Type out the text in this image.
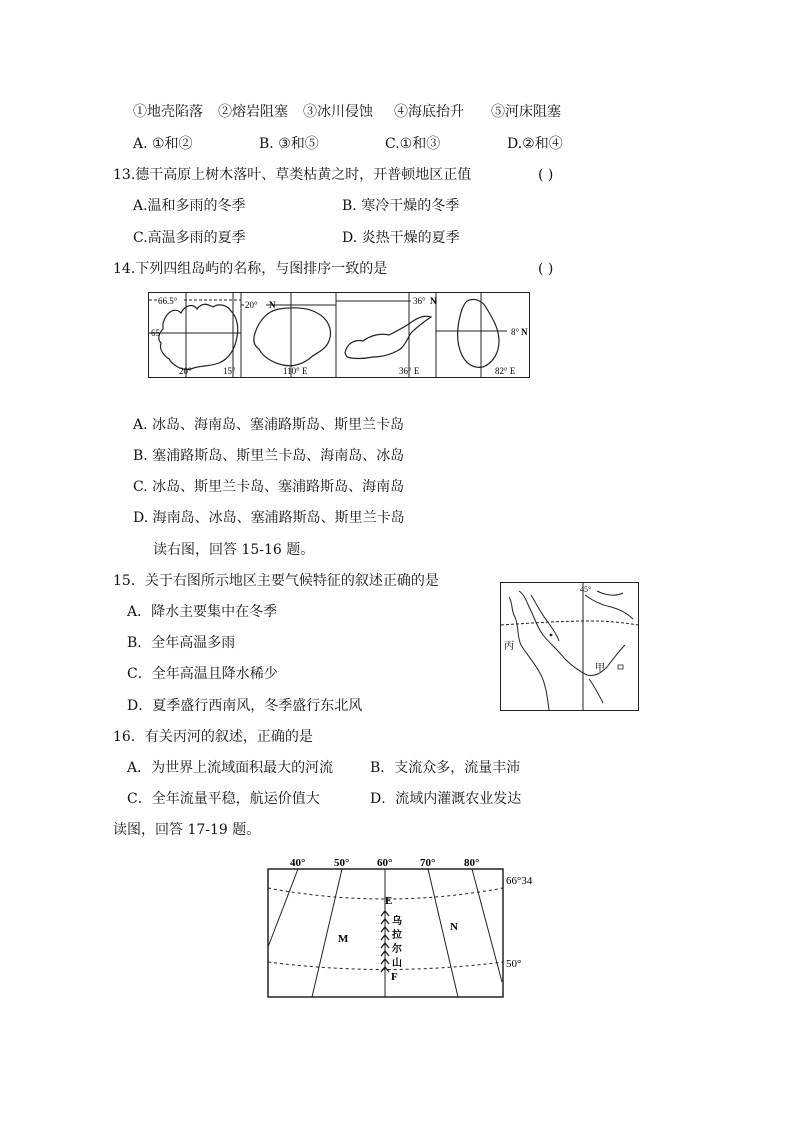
①地壳陷落 ②熔岩阻塞 ③冰川侵蚀 ④海底抬升 ⑤河床阻塞
A. ①和②	B. ③和⑤	C.①和③	D.②和④
13.德干高原上树木落叶、草类枯黄之时，开普顿地区正值	( )
A.温和多雨的冬季	B. 寒冷干燥的冬季
C.高温多雨的夏季	D. 炎热干燥的夏季
14.下列四组岛屿的名称，与图排序一致的是	( )
66.5°
65
20°	15°
20° N
110° E
36° N
36° E
8° N
82° E
A. 冰岛、海南岛、塞浦路斯岛、斯里兰卡岛
B. 塞浦路斯岛、斯里兰卡岛、海南岛、冰岛
C. 冰岛、斯里兰卡岛、塞浦路斯岛、海南岛
D. 海南岛、冰岛、塞浦路斯岛、斯里兰卡岛
读右图，回答 15-16 题。
15．关于右图所示地区主要气候特征的叙述正确的是
A．降水主要集中在冬季
B．全年高温多雨
C．全年高温且降水稀少
D．夏季盛行西南风，冬季盛行东北风
45°
丙
甲
16．有关丙河的叙述，正确的是
A．为世界上流域面积最大的河流	B．支流众多，流量丰沛
C．全年流量平稳，航运价值大	D．流域内灌溉农业发达
读图，回答 17-19 题。
40°	50°	60°	70°	80°
66°34
50°
E
F
M
N
乌
拉
尔
山
